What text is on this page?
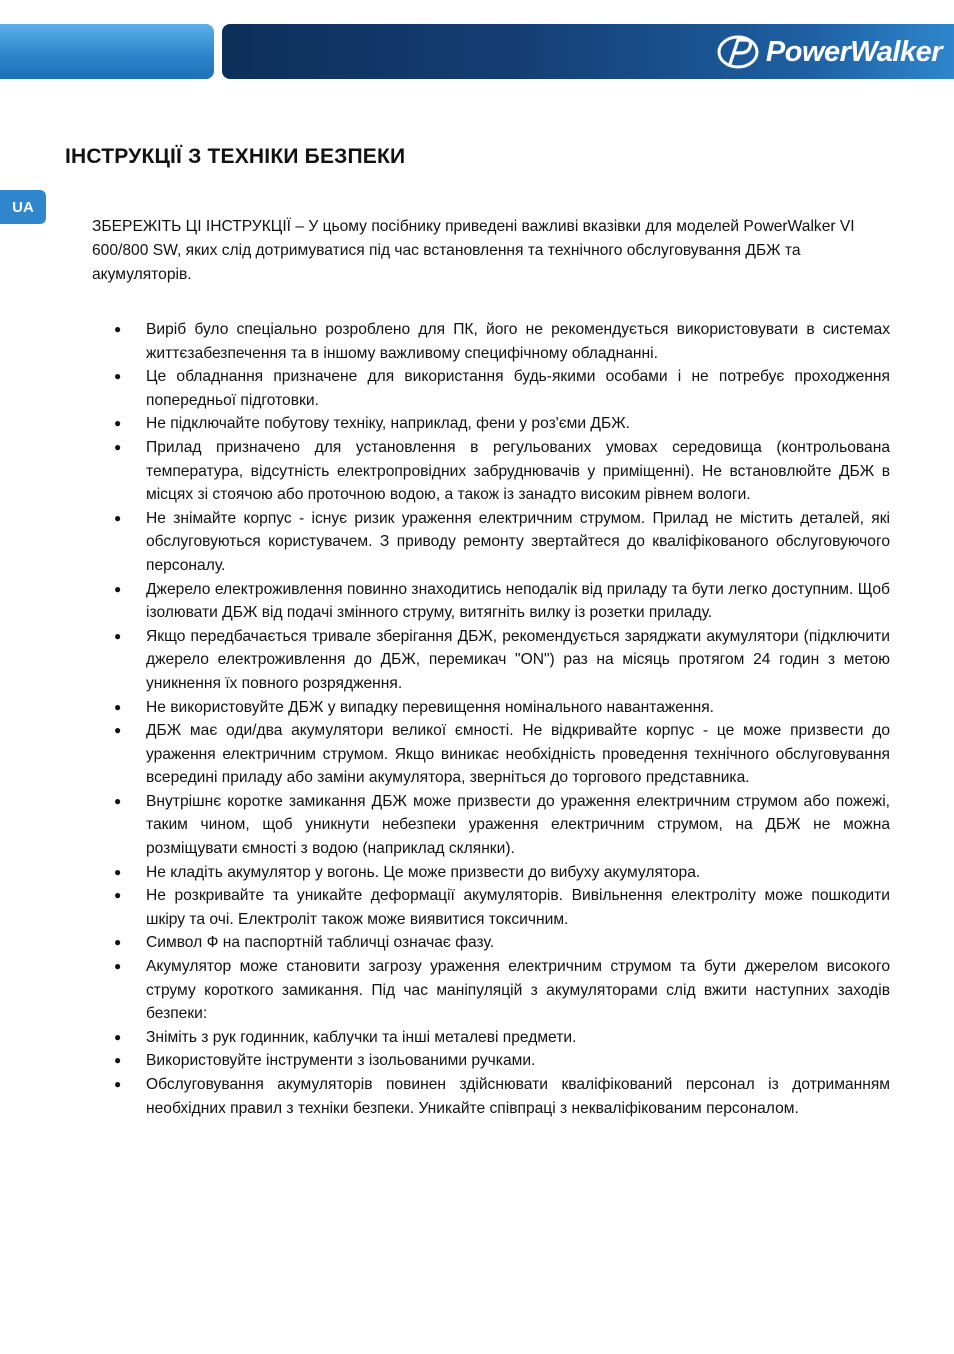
PowerWalker
ІНСТРУКЦІЇ З ТЕХНІКИ БЕЗПЕКИ
UA

ЗБЕРЕЖІТЬ ЦІ ІНСТРУКЦІЇ – У цьому посібнику приведені важливі вказівки для моделей PowerWalker VI 600/800 SW, яких слід дотримуватися під час встановлення та технічного обслуговування ДБЖ та акумуляторів.

● Виріб було спеціально розроблено для ПК, його не рекомендується використовувати в системах життєзабезпечення та в іншому важливому специфічному обладнанні.
● Це обладнання призначене для використання будь-якими особами і не потребує проходження попередньої підготовки.
● Не підключайте побутову техніку, наприклад, фени у роз'єми ДБЖ.
● Прилад призначено для установлення в регульованих умовах середовища (контрольована температура, відсутність електропровідних забруднювачів у приміщенні). Не встановлюйте ДБЖ в місцях зі стоячою або проточною водою, а також із занадто високим рівнем вологи.
● Не знімайте корпус - існує ризик ураження електричним струмом. Прилад не містить деталей, які обслуговуються користувачем. З приводу ремонту звертайтеся до кваліфікованого обслуговуючого персоналу.
● Джерело електроживлення повинно знаходитись неподалік від приладу та бути легко доступним. Щоб ізолювати ДБЖ від подачі змінного струму, витягніть вилку із розетки приладу.
● Якщо передбачається тривале зберігання ДБЖ, рекомендується заряджати акумулятори (підключити джерело електроживлення до ДБЖ, перемикач "ON") раз на місяць протягом 24 годин з метою уникнення їх повного розрядження.
● Не використовуйте ДБЖ у випадку перевищення номінального навантаження.
● ДБЖ має оди/два акумулятори великої ємності. Не відкривайте корпус - це може призвести до ураження електричним струмом. Якщо виникає необхідність проведення технічного обслуговування всередині приладу або заміни акумулятора, зверніться до торгового представника.
● Внутрішнє коротке замикання ДБЖ може призвести до ураження електричним струмом або пожежі, таким чином, щоб уникнути небезпеки ураження електричним струмом, на ДБЖ не можна розміщувати ємності з водою (наприклад склянки).
● Не кладіть акумулятор у вогонь. Це може призвести до вибуху акумулятора.
● Не розкривайте та уникайте деформації акумуляторів. Вивільнення електроліту може пошкодити шкіру та очі. Електроліт також може виявитися токсичним.
● Символ Ф на паспортній табличці означає фазу.
● Акумулятор може становити загрозу ураження електричним струмом та бути джерелом високого струму короткого замикання. Під час маніпуляцій з акумуляторами слід вжити наступних заходів безпеки:
● Зніміть з рук годинник, каблучки та інші металеві предмети.
● Використовуйте інструменти з ізольованими ручками.
● Обслуговування акумуляторів повинен здійснювати кваліфікований персонал із дотриманням необхідних правил з техніки безпеки. Уникайте співпраці з некваліфікованим персоналом.
